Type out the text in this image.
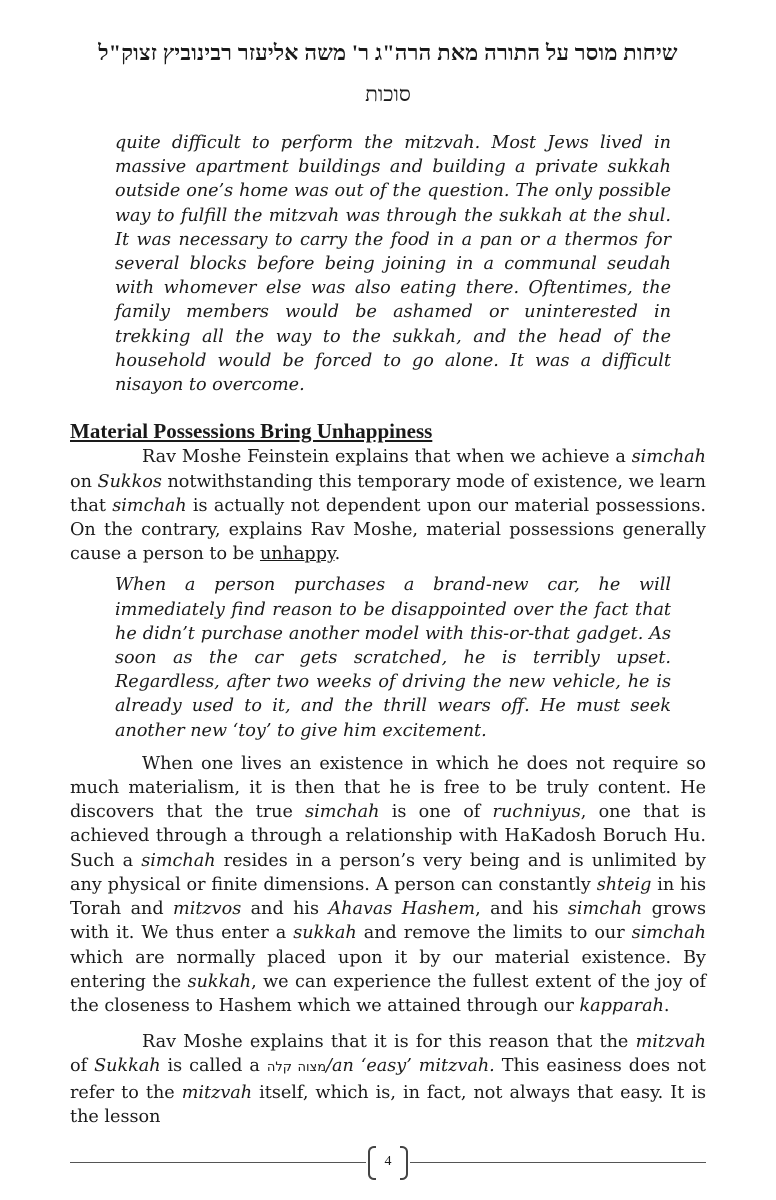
שיחות מוסר על התורה מאת הרה"ג ר' משה אליעזר רבינוביץ זצוק"ל
סוכות

quite difficult to perform the mitzvah. Most Jews lived in massive apartment buildings and building a private sukkah outside one’s home was out of the question. The only possible way to fulfill the mitzvah was through the sukkah at the shul. It was necessary to carry the food in a pan or a thermos for several blocks before being joining in a communal seudah with whomever else was also eating there. Oftentimes, the family members would be ashamed or uninterested in trekking all the way to the sukkah, and the head of the household would be forced to go alone. It was a difficult nisayon to overcome.

Material Possessions Bring Unhappiness

Rav Moshe Feinstein explains that when we achieve a simchah on Sukkos notwithstanding this temporary mode of existence, we learn that simchah is actually not dependent upon our material possessions. On the contrary, explains Rav Moshe, material possessions generally cause a person to be unhappy.

When a person purchases a brand-new car, he will immediately find reason to be disappointed over the fact that he didn’t purchase another model with this-or-that gadget. As soon as the car gets scratched, he is terribly upset. Regardless, after two weeks of driving the new vehicle, he is already used to it, and the thrill wears off. He must seek another new ‘toy’ to give him excitement.

When one lives an existence in which he does not require so much materialism, it is then that he is free to be truly content. He discovers that the true simchah is one of ruchniyus, one that is achieved through a through a relationship with HaKadosh Boruch Hu. Such a simchah resides in a person’s very being and is unlimited by any physical or finite dimensions. A person can constantly shteig in his Torah and mitzvos and his Ahavas Hashem, and his simchah grows with it. We thus enter a sukkah and remove the limits to our simchah which are normally placed upon it by our material existence. By entering the sukkah, we can experience the fullest extent of the joy of the closeness to Hashem which we attained through our kapparah.

Rav Moshe explains that it is for this reason that the mitzvah of Sukkah is called a מצוה קלה/an ‘easy’ mitzvah. This easiness does not refer to the mitzvah itself, which is, in fact, not always that easy. It is the lesson

4
